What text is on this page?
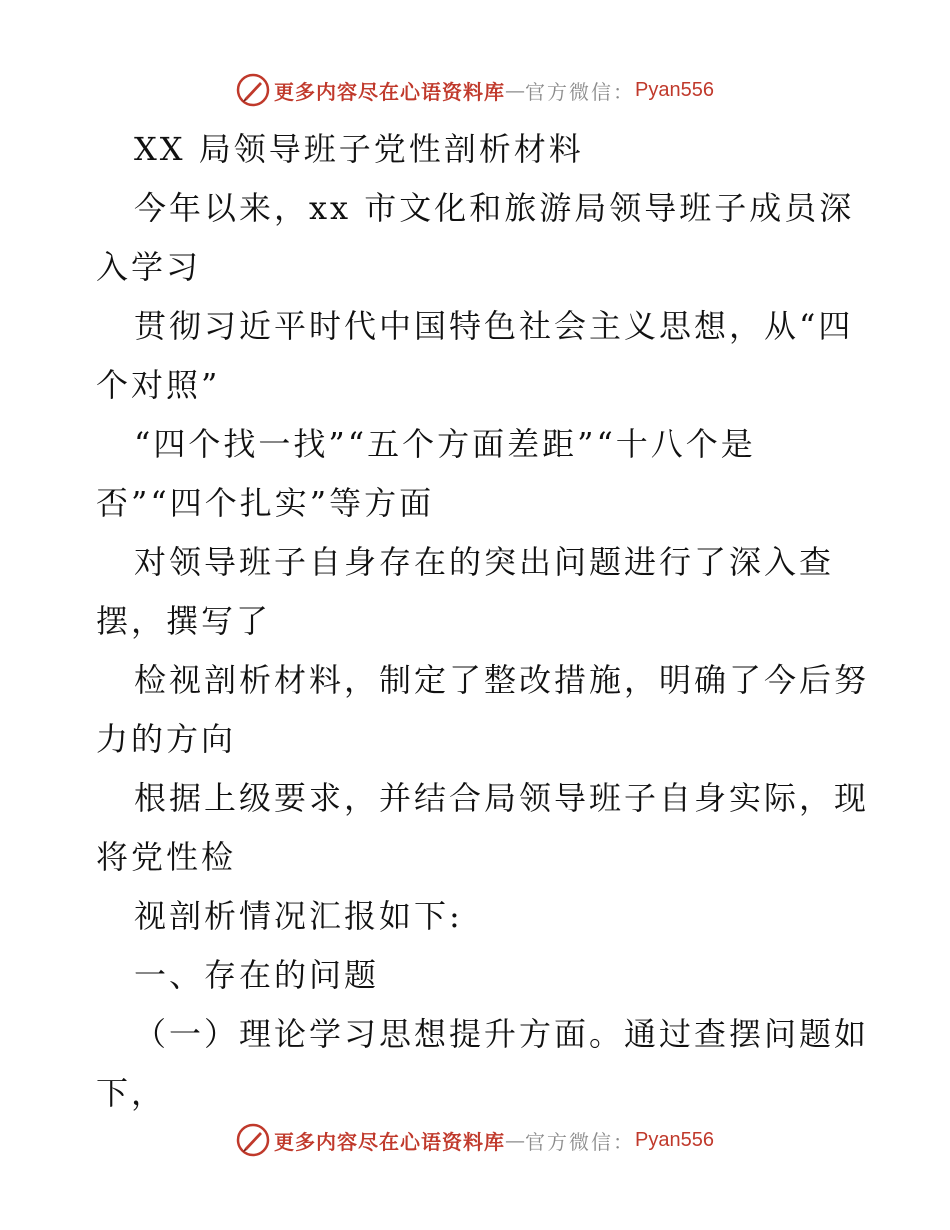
更多内容尽在心语资料库 — 官方微信： Pyan556
XX 局领导班子党性剖析材料
今年以来，xx 市文化和旅游局领导班子成员深
入学习
贯彻习近平时代中国特色社会主义思想，从“四
个对照”
“四个找一找”“五个方面差距”“十八个是
否”“四个扎实”等方面
对领导班子自身存在的突出问题进行了深入查
摆，撰写了
检视剖析材料，制定了整改措施，明确了今后努
力的方向
根据上级要求，并结合局领导班子自身实际，现
将党性检
视剖析情况汇报如下:
一、存在的问题
（一）理论学习思想提升方面。通过查摆问题如
下，
更多内容尽在心语资料库 — 官方微信： Pyan556
